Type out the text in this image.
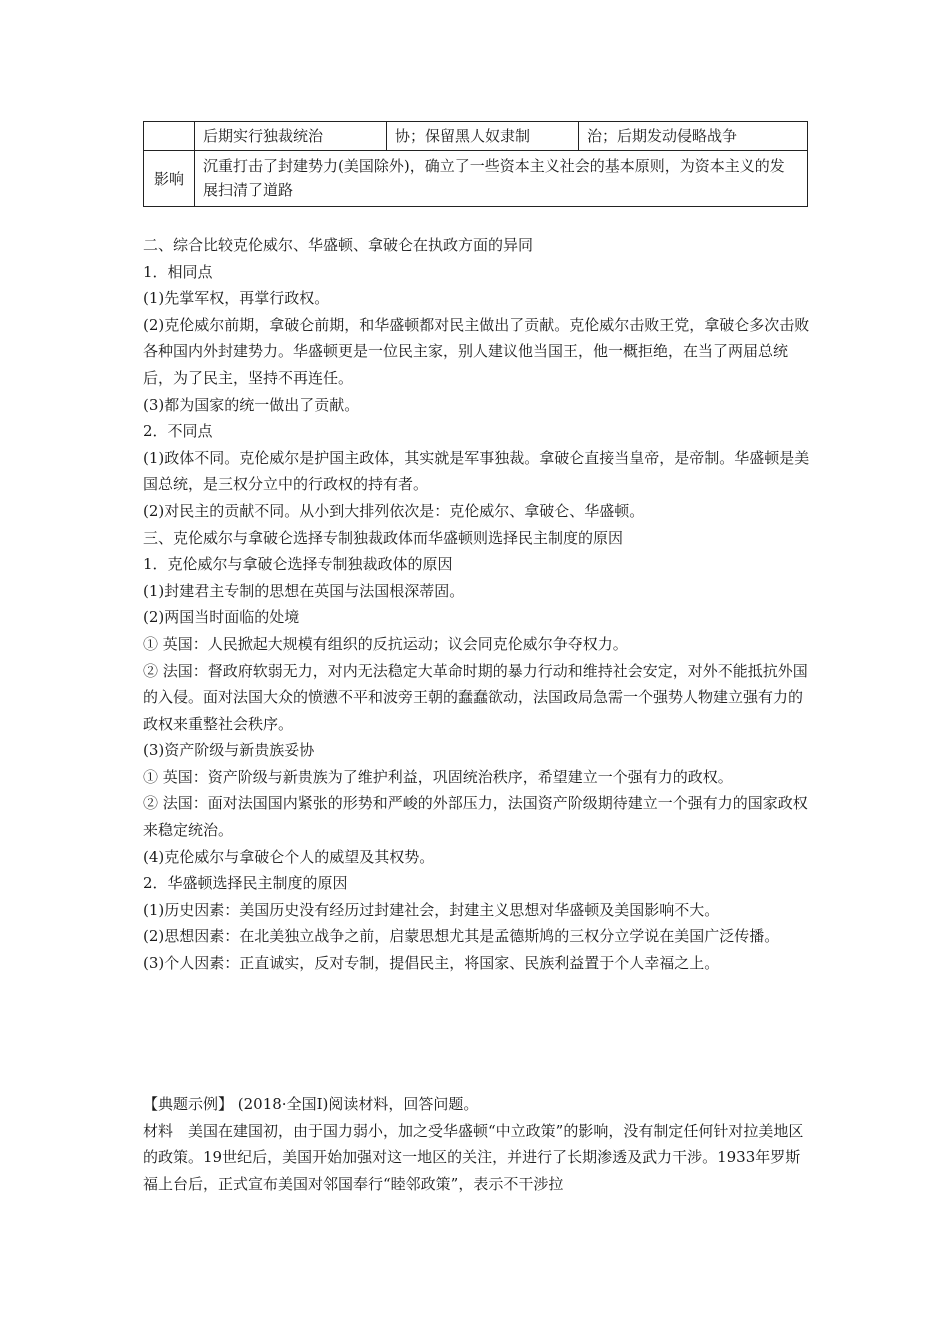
	后期实行独裁统治	协；保留黑人奴隶制	治；后期发动侵略战争
影响	沉重打击了封建势力(美国除外)，确立了一些资本主义社会的基本原则，为资本主义的发展扫清了道路		

二、综合比较克伦威尔、华盛顿、拿破仑在执政方面的异同

1．相同点

(1)先掌军权，再掌行政权。

(2)克伦威尔前期，拿破仑前期，和华盛顿都对民主做出了贡献。克伦威尔击败王党，拿破仑多次击败各种国内外封建势力。华盛顿更是一位民主家，别人建议他当国王，他一概拒绝，在当了两届总统后，为了民主，坚持不再连任。

(3)都为国家的统一做出了贡献。

2．不同点

(1)政体不同。克伦威尔是护国主政体，其实就是军事独裁。拿破仑直接当皇帝，是帝制。华盛顿是美国总统，是三权分立中的行政权的持有者。

(2)对民主的贡献不同。从小到大排列依次是：克伦威尔、拿破仑、华盛顿。

三、克伦威尔与拿破仑选择专制独裁政体而华盛顿则选择民主制度的原因

1．克伦威尔与拿破仑选择专制独裁政体的原因

(1)封建君主专制的思想在英国与法国根深蒂固。

(2)两国当时面临的处境

① 英国：人民掀起大规模有组织的反抗运动；议会同克伦威尔争夺权力。

② 法国：督政府软弱无力，对内无法稳定大革命时期的暴力行动和维持社会安定，对外不能抵抗外国的入侵。面对法国大众的愤懑不平和波旁王朝的蠢蠢欲动，法国政局急需一个强势人物建立强有力的政权来重整社会秩序。

(3)资产阶级与新贵族妥协

① 英国：资产阶级与新贵族为了维护利益，巩固统治秩序，希望建立一个强有力的政权。

② 法国：面对法国国内紧张的形势和严峻的外部压力，法国资产阶级期待建立一个强有力的国家政权来稳定统治。

(4)克伦威尔与拿破仑个人的威望及其权势。

2．华盛顿选择民主制度的原因

(1)历史因素：美国历史没有经历过封建社会，封建主义思想对华盛顿及美国影响不大。

(2)思想因素：在北美独立战争之前，启蒙思想尤其是孟德斯鸠的三权分立学说在美国广泛传播。

(3)个人因素：正直诚实，反对专制，提倡民主，将国家、民族利益置于个人幸福之上。

【典题示例】 (2018·全国Ⅰ)阅读材料，回答问题。

材料　美国在建国初，由于国力弱小，加之受华盛顿“中立政策”的影响，没有制定任何针对拉美地区的政策。19世纪后，美国开始加强对这一地区的关注，并进行了长期渗透及武力干涉。1933年罗斯福上台后，正式宣布美国对邻国奉行“睦邻政策”，表示不干涉拉
